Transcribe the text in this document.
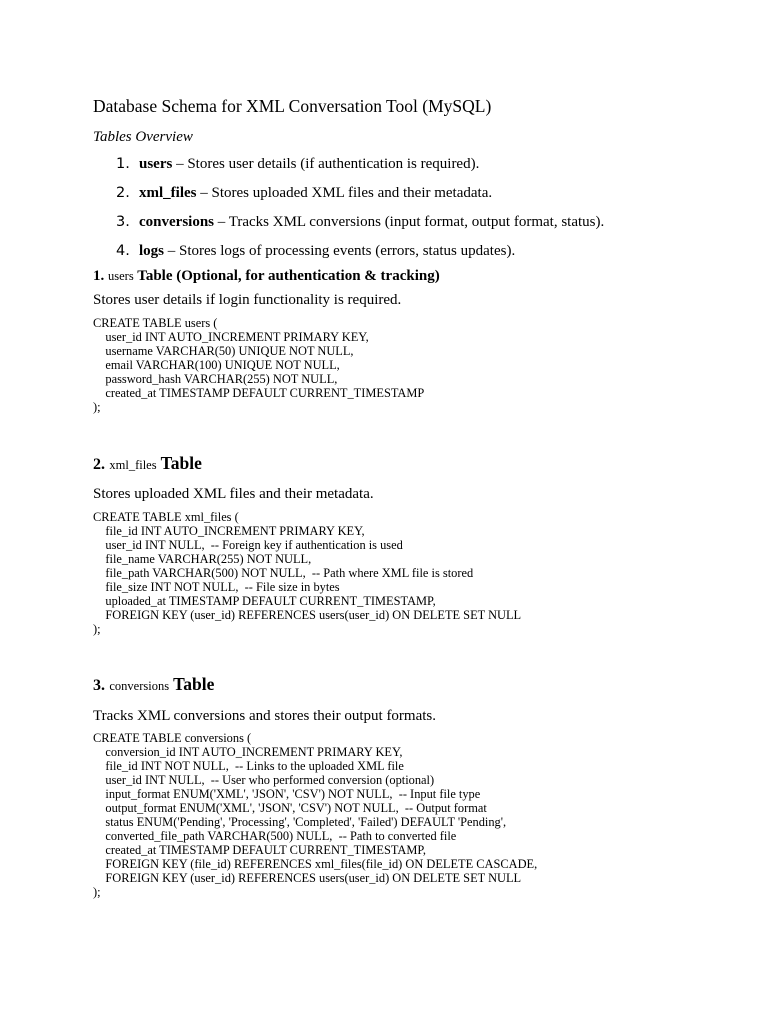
Database Schema for XML Conversation Tool (MySQL)
Tables Overview
1. users – Stores user details (if authentication is required).
2. xml_files – Stores uploaded XML files and their metadata.
3. conversions – Tracks XML conversions (input format, output format, status).
4. logs – Stores logs of processing events (errors, status updates).
1. users Table (Optional, for authentication & tracking)
Stores user details if login functionality is required.
CREATE TABLE users (
user_id INT AUTO_INCREMENT PRIMARY KEY,
username VARCHAR(50) UNIQUE NOT NULL,
email VARCHAR(100) UNIQUE NOT NULL,
password_hash VARCHAR(255) NOT NULL,
created_at TIMESTAMP DEFAULT CURRENT_TIMESTAMP
);
2. xml_files Table
Stores uploaded XML files and their metadata.
CREATE TABLE xml_files (
file_id INT AUTO_INCREMENT PRIMARY KEY,
user_id INT NULL,  -- Foreign key if authentication is used
file_name VARCHAR(255) NOT NULL,
file_path VARCHAR(500) NOT NULL,  -- Path where XML file is stored
file_size INT NOT NULL,  -- File size in bytes
uploaded_at TIMESTAMP DEFAULT CURRENT_TIMESTAMP,
FOREIGN KEY (user_id) REFERENCES users(user_id) ON DELETE SET NULL
);
3. conversions Table
Tracks XML conversions and stores their output formats.
CREATE TABLE conversions (
conversion_id INT AUTO_INCREMENT PRIMARY KEY,
file_id INT NOT NULL,  -- Links to the uploaded XML file
user_id INT NULL,  -- User who performed conversion (optional)
input_format ENUM('XML', 'JSON', 'CSV') NOT NULL,  -- Input file type
output_format ENUM('XML', 'JSON', 'CSV') NOT NULL,  -- Output format
status ENUM('Pending', 'Processing', 'Completed', 'Failed') DEFAULT 'Pending',
converted_file_path VARCHAR(500) NULL,  -- Path to converted file
created_at TIMESTAMP DEFAULT CURRENT_TIMESTAMP,
FOREIGN KEY (file_id) REFERENCES xml_files(file_id) ON DELETE CASCADE,
FOREIGN KEY (user_id) REFERENCES users(user_id) ON DELETE SET NULL
);
